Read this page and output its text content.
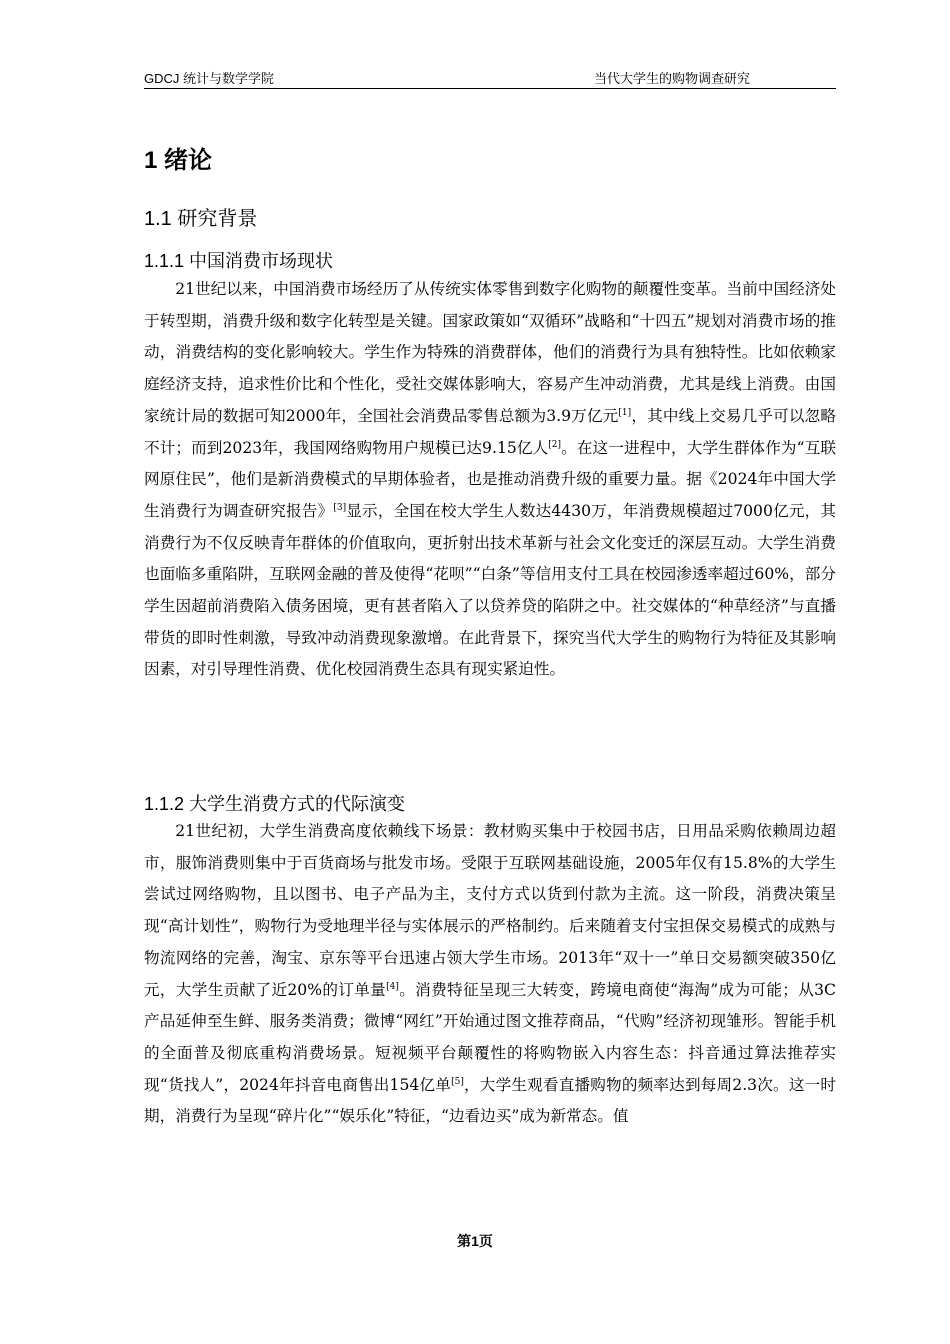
GDCJ 统计与数学学院	当代大学生的购物调查研究
1 绪论
1.1 研究背景
1.1.1 中国消费市场现状

21世纪以来，中国消费市场经历了从传统实体零售到数字化购物的颠覆性变革。当前中国经济处于转型期，消费升级和数字化转型是关键。国家政策如“双循环”战略和“十四五”规划对消费市场的推动，消费结构的变化影响较大。学生作为特殊的消费群体，他们的消费行为具有独特性。比如依赖家庭经济支持，追求性价比和个性化，受社交媒体影响大，容易产生冲动消费，尤其是线上消费。由国家统计局的数据可知2000年，全国社会消费品零售总额为3.9万亿元[1]，其中线上交易几乎可以忽略不计；而到2023年，我国网络购物用户规模已达9.15亿人[2]。在这一进程中，大学生群体作为“互联网原住民”，他们是新消费模式的早期体验者，也是推动消费升级的重要力量。据《2024年中国大学生消费行为调查研究报告》[3]显示，全国在校大学生人数达4430万，年消费规模超过7000亿元，其消费行为不仅反映青年群体的价值取向，更折射出技术革新与社会文化变迁的深层互动。大学生消费也面临多重陷阱，互联网金融的普及使得“花呗”“白条”等信用支付工具在校园渗透率超过60%，部分学生因超前消费陷入债务困境，更有甚者陷入了以贷养贷的陷阱之中。社交媒体的“种草经济”与直播带货的即时性刺激，导致冲动消费现象激增。在此背景下，探究当代大学生的购物行为特征及其影响因素，对引导理性消费、优化校园消费生态具有现实紧迫性。

1.1.2 大学生消费方式的代际演变

21世纪初，大学生消费高度依赖线下场景：教材购买集中于校园书店，日用品采购依赖周边超市，服饰消费则集中于百货商场与批发市场。受限于互联网基础设施，2005年仅有15.8%的大学生尝试过网络购物，且以图书、电子产品为主，支付方式以货到付款为主流。这一阶段，消费决策呈现“高计划性”，购物行为受地理半径与实体展示的严格制约。后来随着支付宝担保交易模式的成熟与物流网络的完善，淘宝、京东等平台迅速占领大学生市场。2013年“双十一”单日交易额突破350亿元，大学生贡献了近20%的订单量[4]。消费特征呈现三大转变，跨境电商使“海淘”成为可能；从3C产品延伸至生鲜、服务类消费；微博“网红”开始通过图文推荐商品，“代购”经济初现雏形。智能手机的全面普及彻底重构消费场景。短视频平台颠覆性的将购物嵌入内容生态：抖音通过算法推荐实现“货找人”，2024年抖音电商售出154亿单[5]，大学生观看直播购物的频率达到每周2.3次。这一时期，消费行为呈现“碎片化”“娱乐化”特征，“边看边买”成为新常态。值

第1页
